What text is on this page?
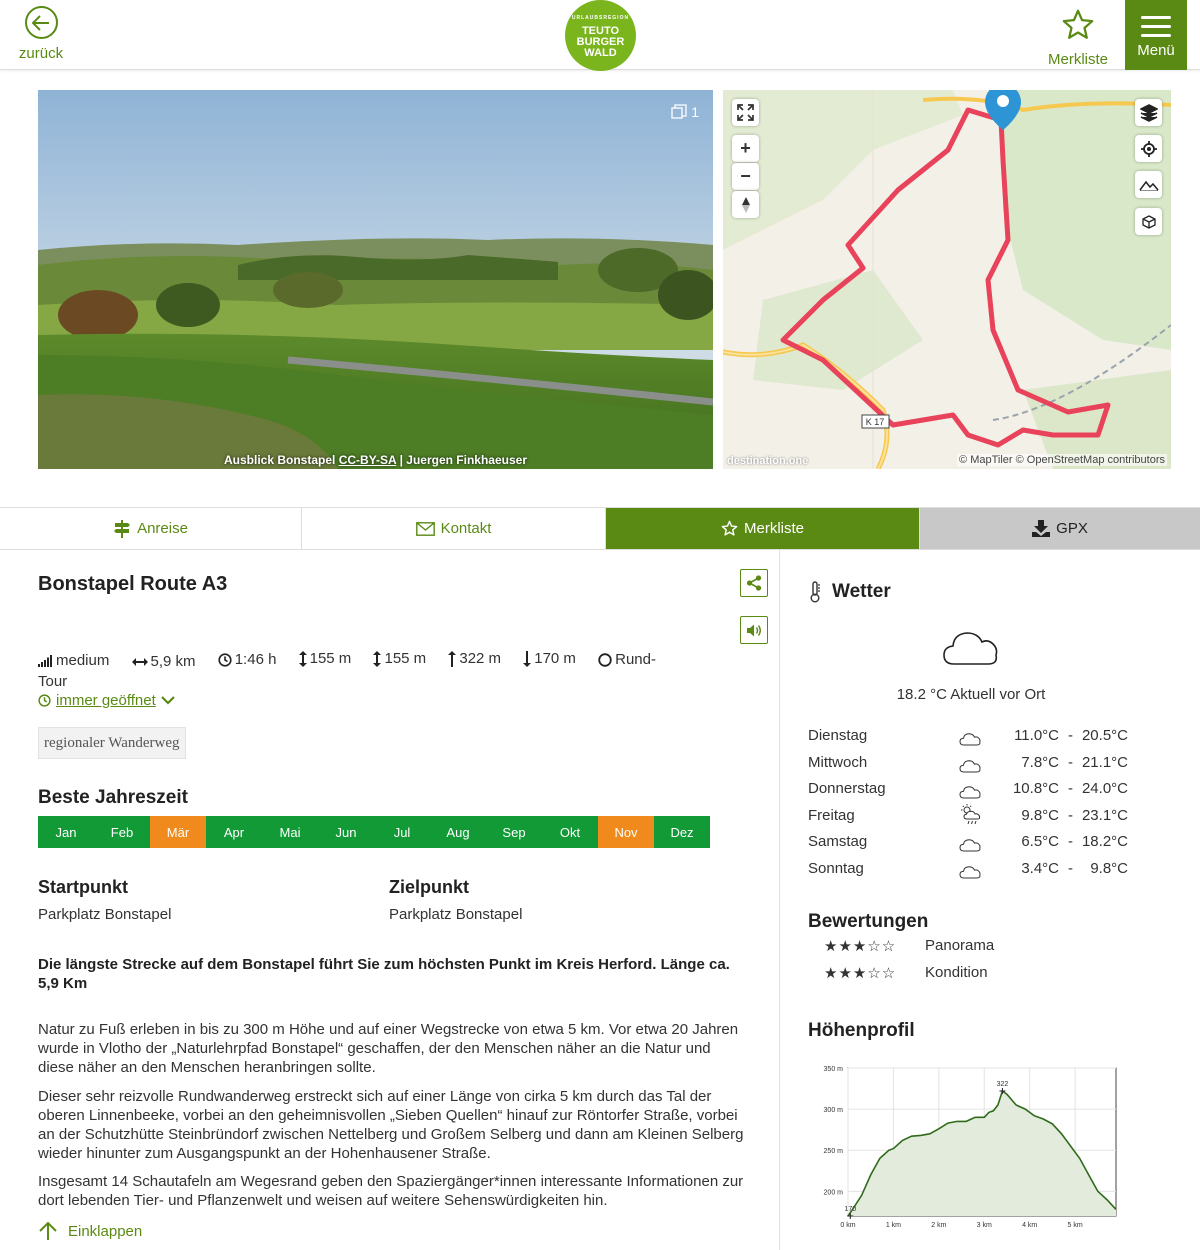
zurück
URLAUBSREGION
TEUTO
BURGER
WALD	Merkliste
Menü
1
Ausblick Bonstapel CC-BY-SA | Juergen Finkhaeuser
K 17
+
−
destination.one	© MapTiler © OpenStreetMap contributors
Anreise	Kontakt	Merkliste	GPX
Bonstapel Route A3
medium
	5,9 km
	1:46 h
155 m
155 m
322 m
170 m
	Rund-

Tour
immer geöffnet
regionaler Wanderweg
Beste Jahreszeit
Jan	Feb	Mär	Apr	Mai	Jun	Jul	Aug	Sep	Okt	Nov	Dez
Startpunkt
Parkplatz Bonstapel
Zielpunkt
Parkplatz Bonstapel

Die längste Strecke auf dem Bonstapel führt Sie zum höchsten Punkt im Kreis Herford. Länge ca. 5,9 Km

Natur zu Fuß erleben in bis zu 300 m Höhe und auf einer Wegstrecke von etwa 5 km. Vor etwa 20 Jahren wurde in Vlotho der „Naturlehrpfad Bonstapel“ geschaffen, der den Menschen näher an die Natur und diese näher an den Menschen heranbringen sollte.

Dieser sehr reizvolle Rundwanderweg erstreckt sich auf einer Länge von cirka 5 km durch das Tal der oberen Linnenbeeke, vorbei an den geheimnisvollen „Sieben Quellen“ hinauf zur Röntorfer Straße, vorbei an der Schutzhütte Steinbründorf zwischen Nettelberg und Großem Selberg und dann am Kleinen Selberg wieder hinunter zum Ausgangspunkt an der Hohenhausener Straße.

Insgesamt 14 Schautafeln am Wegesrand geben den Spaziergänger*innen interessante Informationen zur dort lebenden Tier- und Pflanzenwelt und weisen auf weitere Sehenswürdigkeiten hin.

Einklappen
Wetter
18.2 °C Aktuell vor Ort
Dienstag	11.0°C - 20.5°C
Mittwoch	7.8°C - 21.1°C
Donnerstag	10.8°C - 24.0°C
Freitag	9.8°C - 23.1°C
Samstag	6.5°C - 18.2°C
Sonntag	3.4°C - 9.8°C
Bewertungen
★★★☆☆ Panorama
★★★☆☆ Kondition
Höhenprofil
200 m
250 m
300 m
350 m
0 km	1 km	2 km	3 km	4 km	5 km
170
322
